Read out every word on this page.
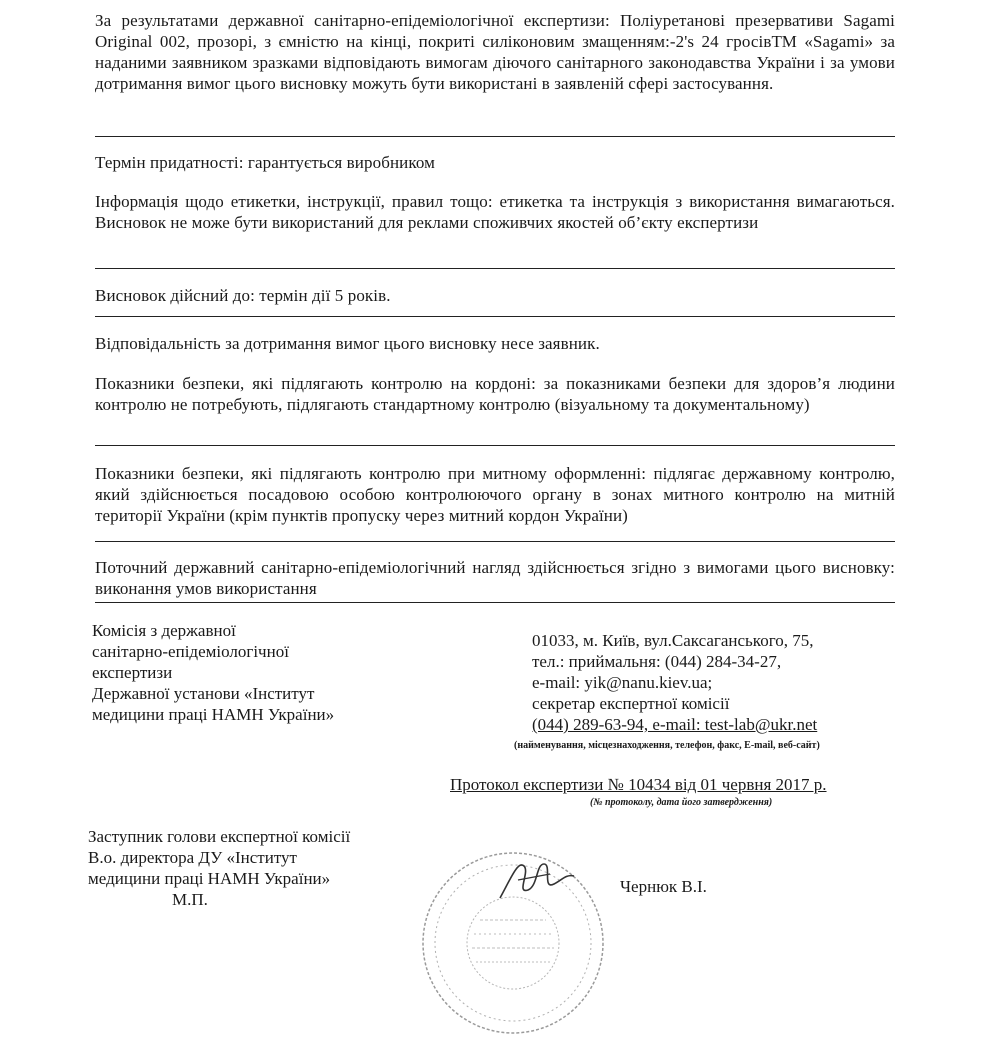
За результатами державної санітарно-епідеміологічної експертизи: Поліуретанові презервативи Sagami Original 002, прозорі, з ємністю на кінці, покриті силіконовим змащенням:-2's 24 гросівТМ «Sagami» за наданими заявником зразками відповідають вимогам діючого санітарного законодавства України і за умови дотримання вимог цього висновку можуть бути використані в заявленій сфері застосування.
Термін придатності: гарантується виробником
Інформація щодо етикетки, інструкції, правил тощо: етикетка та інструкція з використання вимагаються. Висновок не може бути використаний для реклами споживчих якостей об’єкту експертизи
Висновок дійсний до: термін дії 5 років.
Відповідальність за дотримання вимог цього висновку несе заявник.
Показники безпеки, які підлягають контролю на кордоні: за показниками безпеки для здоров’я людини контролю не потребують, підлягають стандартному контролю (візуальному та документальному)
Показники безпеки, які підлягають контролю при митному оформленні: підлягає державному контролю, який здійснюється посадовою особою контролюючого органу в зонах митного контролю на митній території України (крім пунктів пропуску через митний кордон України)
Поточний державний санітарно-епідеміологічний нагляд здійснюється згідно з вимогами цього висновку: виконання умов використання
Комісія з державної
санітарно-епідеміологічної
експертизи
Державної установи «Інститут
медицини праці НАМН України»
01033, м. Київ, вул.Саксаганського, 75,
тел.: приймальня: (044) 284-34-27,
e-mail: yik@nanu.kiev.ua;
секретар експертної комісії
(044) 289-63-94, e-mail: test-lab@ukr.net
(найменування, місцезнаходження, телефон, факс, E-mail, веб-сайт)
Протокол експертизи № 10434 від 01 червня 2017 р.
(№ протоколу, дата його затвердження)
Заступник голови експертної комісії
В.о. директора ДУ «Інститут
медицини праці НАМН України»
М.П.
Чернюк В.І.
